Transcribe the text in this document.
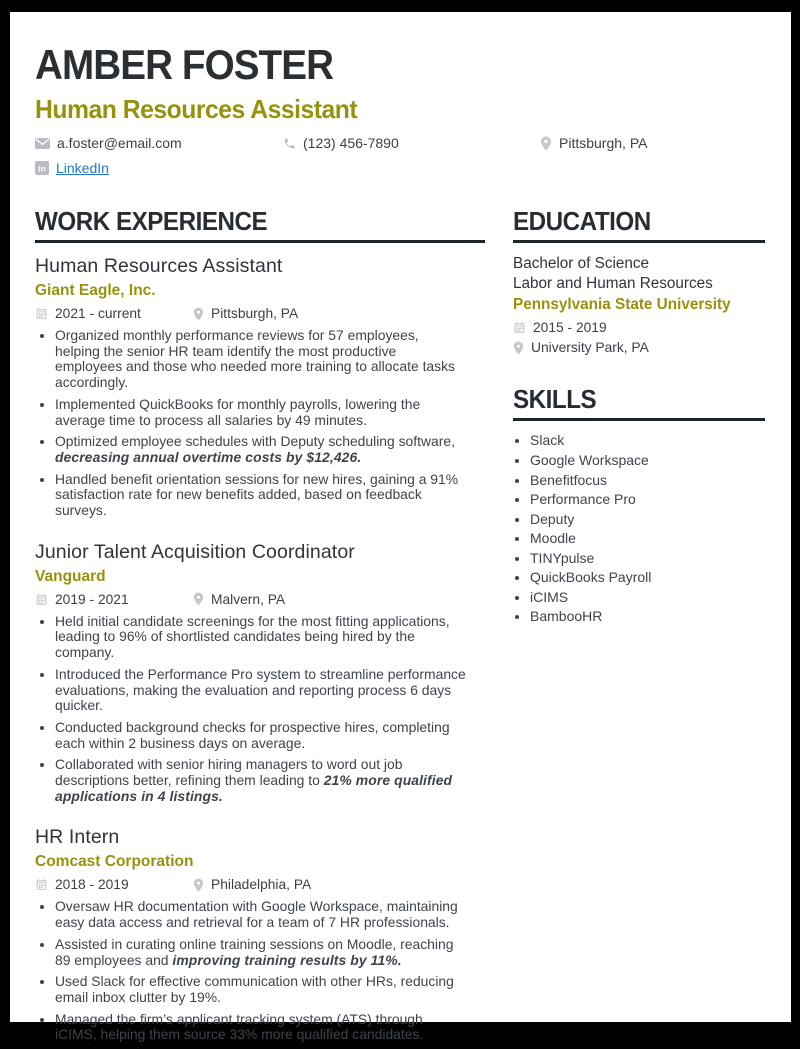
AMBER FOSTER
Human Resources Assistant
a.foster@email.com	(123) 456-7890	Pittsburgh, PA
in LinkedIn
WORK EXPERIENCE
Human Resources Assistant
Giant Eagle, Inc.
2021 - current	Pittsburgh, PA
• Organized monthly performance reviews for 57 employees, helping the senior HR team identify the most productive employees and those who needed more training to allocate tasks accordingly.
• Implemented QuickBooks for monthly payrolls, lowering the average time to process all salaries by 49 minutes.
• Optimized employee schedules with Deputy scheduling software, decreasing annual overtime costs by $12,426.
• Handled benefit orientation sessions for new hires, gaining a 91% satisfaction rate for new benefits added, based on feedback surveys.
Junior Talent Acquisition Coordinator
Vanguard
2019 - 2021	Malvern, PA
• Held initial candidate screenings for the most fitting applications, leading to 96% of shortlisted candidates being hired by the company.
• Introduced the Performance Pro system to streamline performance evaluations, making the evaluation and reporting process 6 days quicker.
• Conducted background checks for prospective hires, completing each within 2 business days on average.
• Collaborated with senior hiring managers to word out job descriptions better, refining them leading to 21% more qualified applications in 4 listings.
HR Intern
Comcast Corporation
2018 - 2019	Philadelphia, PA
• Oversaw HR documentation with Google Workspace, maintaining easy data access and retrieval for a team of 7 HR professionals.
• Assisted in curating online training sessions on Moodle, reaching 89 employees and improving training results by 11%.
• Used Slack for effective communication with other HRs, reducing email inbox clutter by 19%.
• Managed the firm’s applicant tracking system (ATS) through iCIMS, helping them source 33% more qualified candidates.
EDUCATION
Bachelor of Science
Labor and Human Resources
Pennsylvania State University
2015 - 2019
University Park, PA
SKILLS
• Slack
• Google Workspace
• Benefitfocus
• Performance Pro
• Deputy
• Moodle
• TINYpulse
• QuickBooks Payroll
• iCIMS
• BambooHR
